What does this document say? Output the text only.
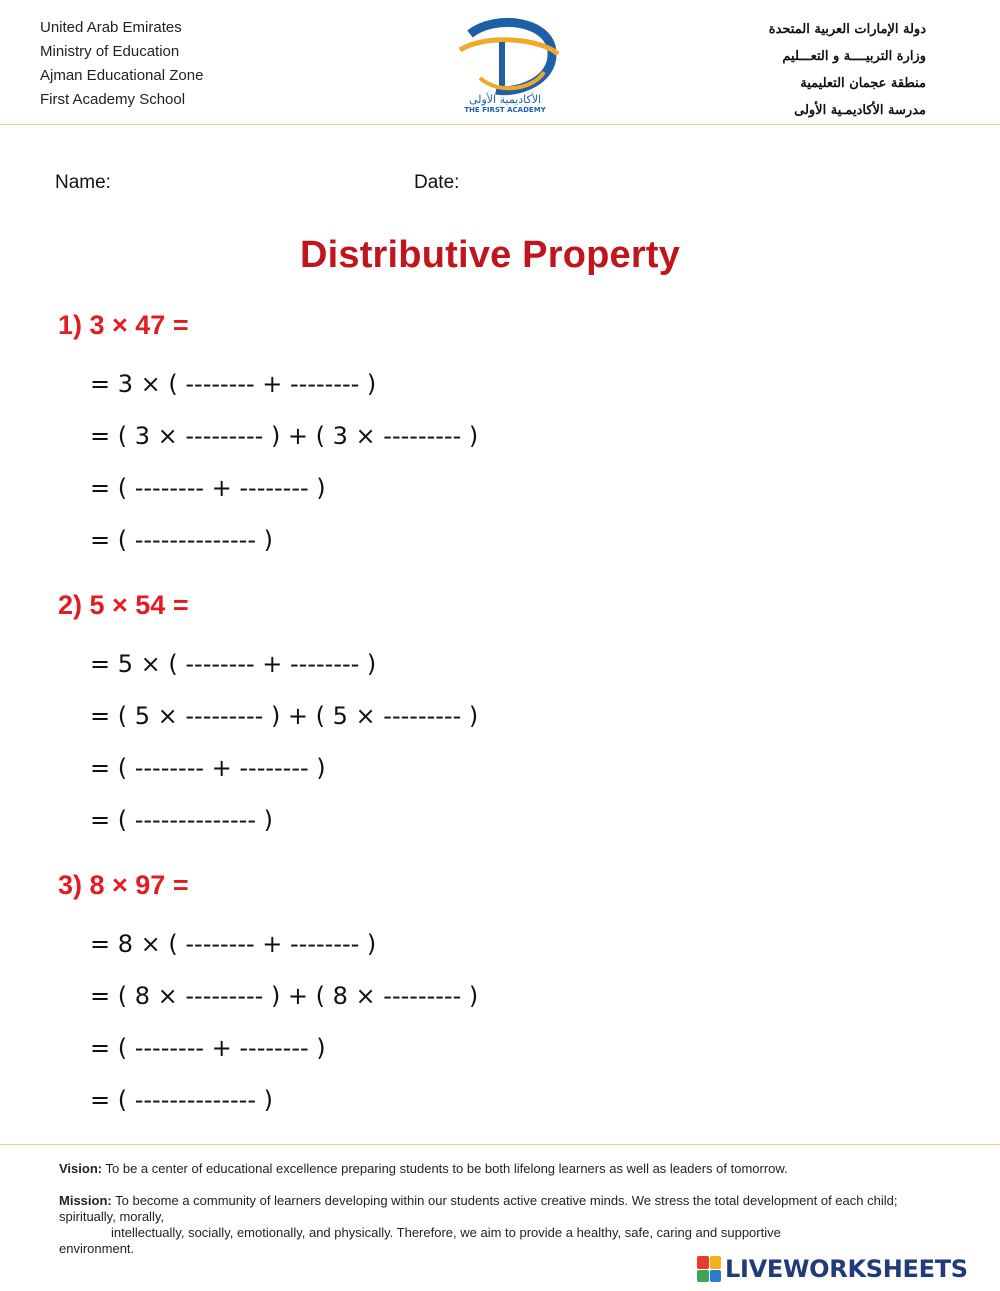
United Arab Emirates
Ministry of Education
Ajman Educational Zone
First Academy School	الأكاديمية الأولى
THE FIRST ACADEMY
دولة الإمارات العربية المتحدة
وزارة التربيــــة و التعـــليم
منطقة عجمان التعليمية
مدرسة الأكاديمـية الأولى
Name:	Date:
Distributive Property
1) 3 × 47 =
= 3 × ( -------- + -------- )
= ( 3 × --------- ) + ( 3 × --------- )
= ( -------- + -------- )
= ( -------------- )
2) 5 × 54 =
= 5 × ( -------- + -------- )
= ( 5 × --------- ) + ( 5 × --------- )
= ( -------- + -------- )
= ( -------------- )
3) 8 × 97 =
= 8 × ( -------- + -------- )
= ( 8 × --------- ) + ( 8 × --------- )
= ( -------- + -------- )
= ( -------------- )
Vision: To be a center of educational excellence preparing students to be both lifelong learners as well as leaders of tomorrow.
Mission: To become a community of learners developing within our students active creative minds. We stress the total development of each child; spiritually, morally,
intellectually, socially, emotionally, and physically. Therefore, we aim to provide a healthy, safe, caring and supportive
environment.
LIVEWORKSHEETS
